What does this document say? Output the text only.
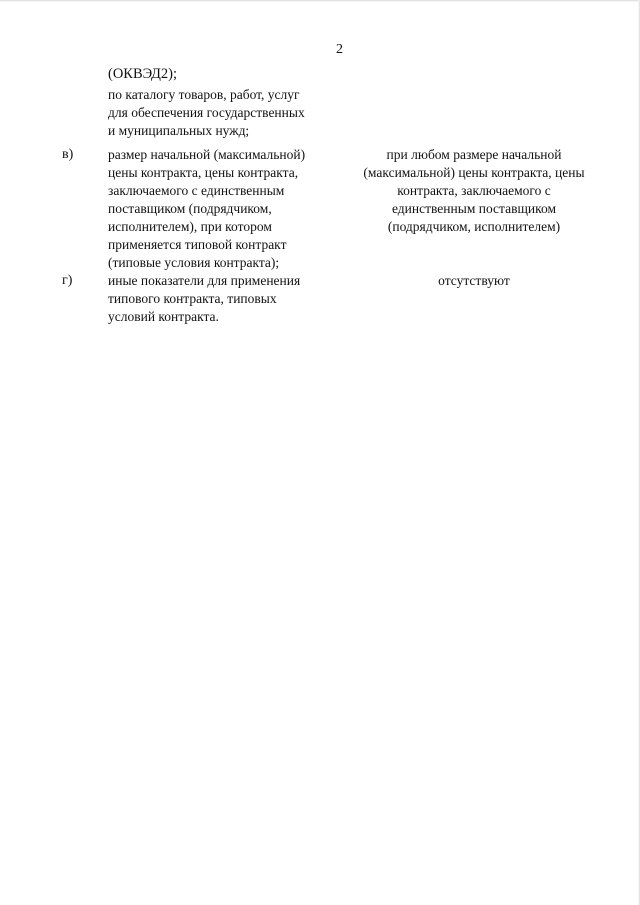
2
(ОКВЭД2);
по каталогу товаров, работ, услуг
для обеспечения государственных
и муниципальных нужд;
в)	размер начальной (максимальной)
цены контракта, цены контракта,
заключаемого с единственным
поставщиком (подрядчиком,
исполнителем), при котором
применяется типовой контракт
(типовые условия контракта);
при любом размере начальной
(максимальной) цены контракта, цены
контракта, заключаемого с
единственным поставщиком
(подрядчиком, исполнителем)
г)	иные показатели для применения
типового контракта, типовых
условий контракта.
отсутствуют
